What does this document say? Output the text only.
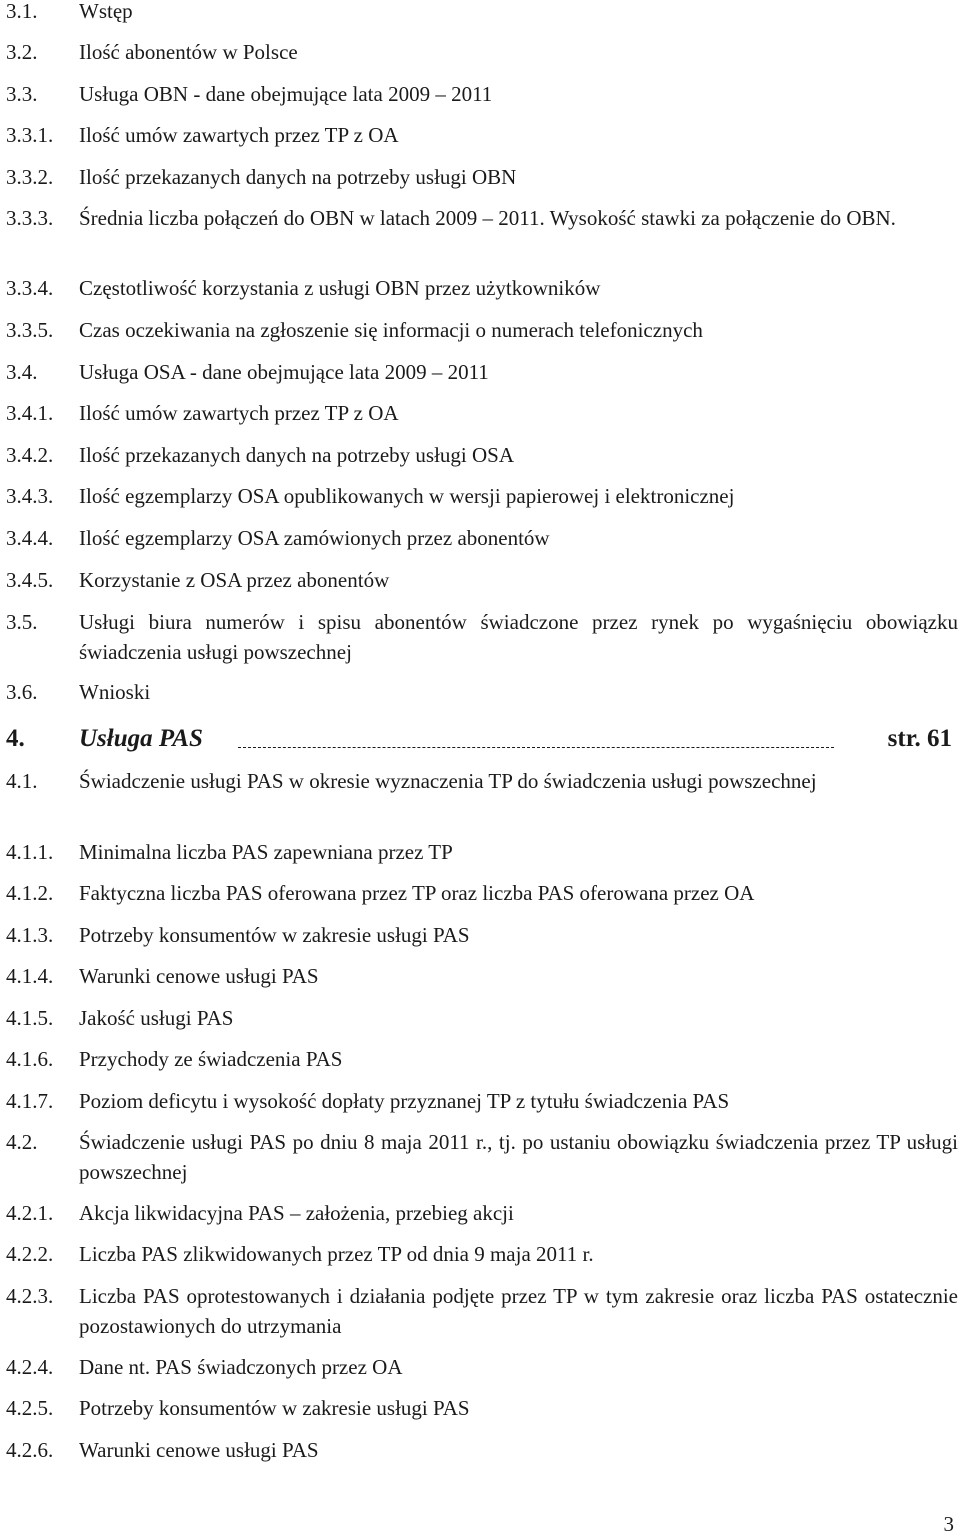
3.1. Wstęp
3.2. Ilość abonentów w Polsce
3.3. Usługa OBN - dane obejmujące lata 2009 – 2011
3.3.1. Ilość umów zawartych przez TP z OA
3.3.2. Ilość przekazanych danych na potrzeby usługi OBN
3.3.3. Średnia liczba połączeń do OBN w latach 2009 – 2011. Wysokość stawki za połączenie do OBN.
3.3.4. Częstotliwość korzystania z usługi OBN przez użytkowników
3.3.5. Czas oczekiwania na zgłoszenie się informacji o numerach telefonicznych
3.4. Usługa OSA - dane obejmujące lata 2009 – 2011
3.4.1. Ilość umów zawartych przez TP z OA
3.4.2. Ilość przekazanych danych na potrzeby usługi OSA
3.4.3. Ilość egzemplarzy OSA opublikowanych w wersji papierowej i elektronicznej
3.4.4. Ilość egzemplarzy OSA zamówionych przez abonentów
3.4.5. Korzystanie z OSA przez abonentów
3.5. Usługi biura numerów i spisu abonentów świadczone przez rynek po wygaśnięciu obowiązku świadczenia usługi powszechnej
3.6. Wnioski
4. Usługa PAS	str. 61
4.1. Świadczenie usługi PAS w okresie wyznaczenia TP do świadczenia usługi powszechnej
4.1.1. Minimalna liczba PAS zapewniana przez TP
4.1.2. Faktyczna liczba PAS oferowana przez TP oraz liczba PAS oferowana przez OA
4.1.3. Potrzeby konsumentów w zakresie usługi PAS
4.1.4. Warunki cenowe usługi PAS
4.1.5. Jakość usługi PAS
4.1.6. Przychody ze świadczenia PAS
4.1.7. Poziom deficytu i wysokość dopłaty przyznanej TP z tytułu świadczenia PAS
4.2. Świadczenie usługi PAS po dniu 8 maja 2011 r., tj. po ustaniu obowiązku świadczenia przez TP usługi powszechnej
4.2.1. Akcja likwidacyjna PAS – założenia, przebieg akcji
4.2.2. Liczba PAS zlikwidowanych przez TP od dnia 9 maja 2011 r.
4.2.3. Liczba PAS oprotestowanych i działania podjęte przez TP w tym zakresie oraz liczba PAS ostatecznie pozostawionych do utrzymania
4.2.4. Dane nt. PAS świadczonych przez OA
4.2.5. Potrzeby konsumentów w zakresie usługi PAS
4.2.6. Warunki cenowe usługi PAS
3
